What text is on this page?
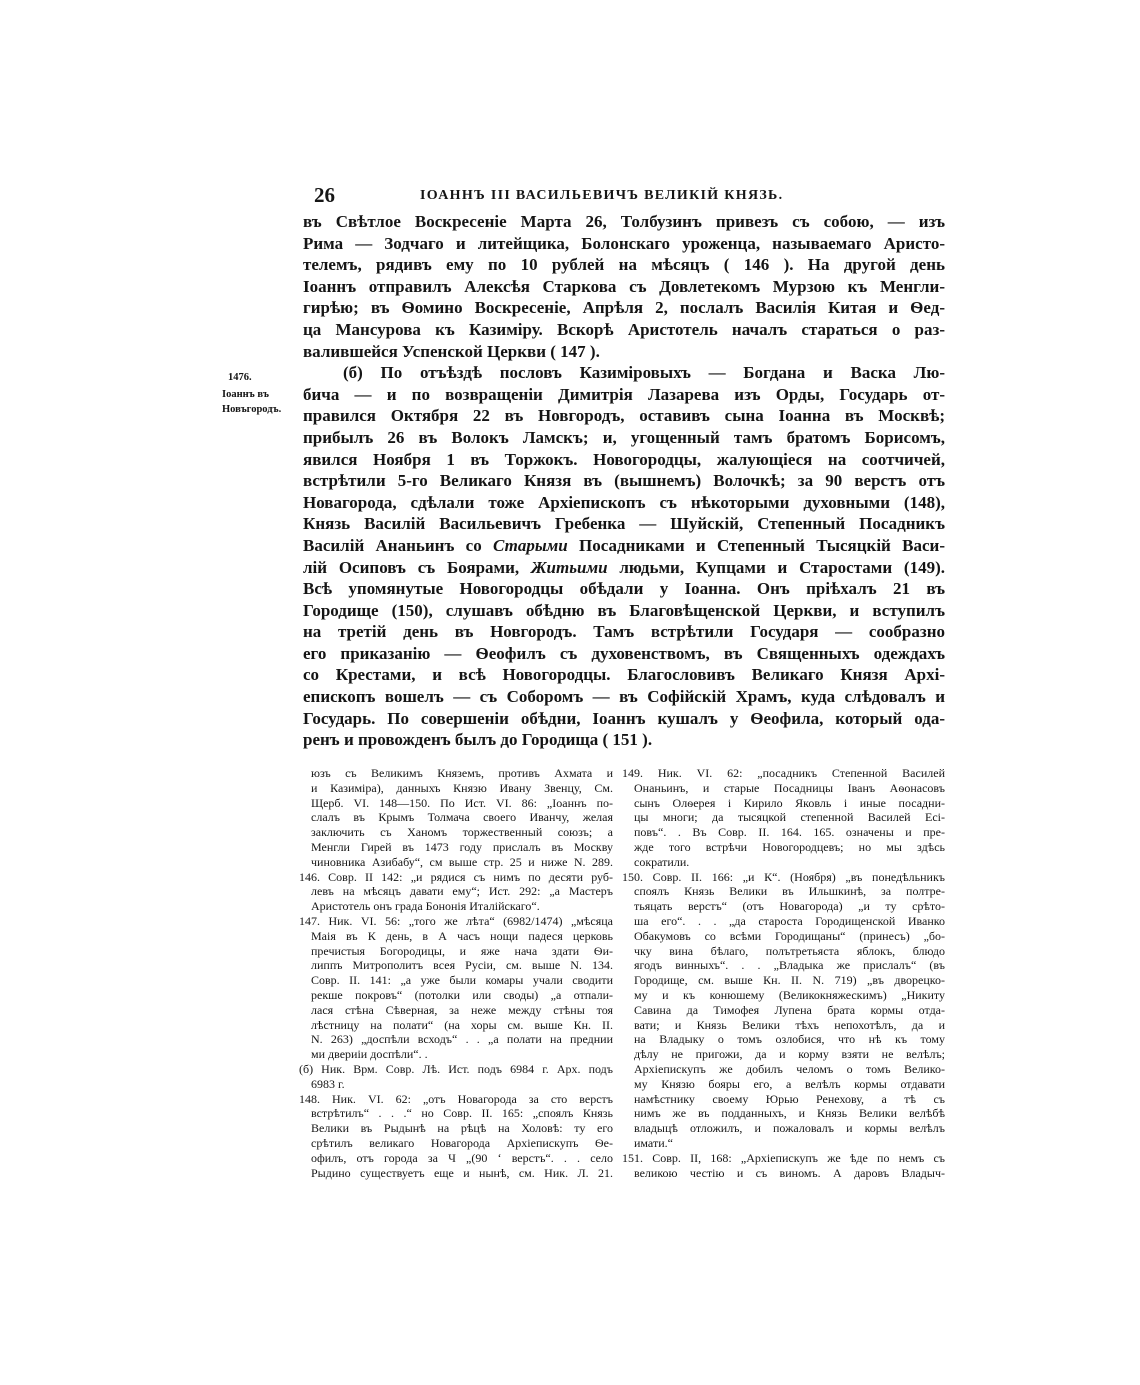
26	ІОАННЪ III ВАСИЛЬЕВИЧЪ ВЕЛИКІЙ КНЯЗЬ.
1476.
Іоаннъ въ
Новъгородъ.
въ Свѣтлое Воскресеніе Марта 26, Толбузинъ привезъ съ собою, — изъ
Рима — Зодчаго и литейщика, Болонскаго уроженца, называемаго Аристо-
телемъ, рядивъ ему по 10 рублей на мѣсяцъ ( 146 ). На другой день
Іоаннъ отправилъ Алексѣя Старкова съ Довлетекомъ Мурзою къ Менгли-
гирѣю; въ Ѳомино Воскресеніе, Апрѣля 2, послалъ Василія Китая и Ѳед-
ца Мансурова къ Казиміру. Вскорѣ Аристотель началъ стараться о раз-
валившейся Успенской Церкви ( 147 ).
(б) По отъѣздѣ пословъ Казиміровыхъ — Богдана и Васка Лю-
бича — и по возвращеніи Димитрія Лазарева изъ Орды, Государь от-
правился Октября 22 въ Новгородъ, оставивъ сына Іоанна въ Москвѣ;
прибылъ 26 въ Волокъ Ламскъ; и, угощенный тамъ братомъ Борисомъ,
явился Ноября 1 въ Торжокъ. Новогородцы, жалующіеся на соотчичей,
встрѣтили 5-го Великаго Князя въ (вышнемъ) Волочкѣ; за 90 верстъ отъ
Новагорода, сдѣлали тоже Архіепископъ съ нѣкоторыми духовными (148),
Князь Василій Васильевичъ Гребенка — Шуйскій, Степенный Посадникъ
Василій Ананьинъ со Старыми Посадниками и Степенный Тысяцкій Васи-
лій Осиповъ съ Боярами, Житьими людьми, Купцами и Старостами (149).
Всѣ упомянутые Новогородцы обѣдали у Іоанна. Онъ пріѣхалъ 21 въ
Городище (150), слушавъ обѣдню въ Благовѣщенской Церкви, и вступилъ
на третій день въ Новгородъ. Тамъ встрѣтили Государя — сообразно
его приказанію — Ѳеофилъ съ духовенствомъ, въ Священныхъ одеждахъ
со Крестами, и всѣ Новогородцы. Благословивъ Великаго Князя Архі-
епископъ вошелъ — съ Соборомъ — въ Софійскій Храмъ, куда слѣдовалъ и
Государь. По совершеніи обѣдни, Іоаннъ кушалъ у Ѳеофила, который ода-
ренъ и провожденъ былъ до Городища ( 151 ).
юзъ съ Великимъ Княземъ, противъ Ахмата и
и Казиміра), данныхъ Князю Ивану Звенцу, См.
Щерб. VI. 148—150. По Ист. VI. 86: „Іоаннъ по-
слалъ въ Крымъ Толмача своего Иванчу, желая
заключить съ Ханомъ торжественный союзъ; а
Менгли Гирей въ 1473 году прислалъ въ Москву
чиновника Азибабу“, см выше стр. 25 и ниже N. 289.
146. Совр. II 142: „и рядися съ нимъ по десяти руб-
левъ на мѣсяцъ давати ему“; Ист. 292: „а Мастеръ
Аристотель онъ града Бононія Италійскаго“.
147. Ник. VI. 56: „того же лѣта“ (6982/1474) „мѣсяца
Маія въ К день, в А часъ нощи падеся церковь
пречистыя Богородицы, и яже нача здати Ѳи-
липпъ Митрополитъ всея Русіи, см. выше N. 134.
Совр. II. 141: „а уже были комары учали сводити
рекше покровъ“ (потолки или своды) „а отпали-
лася стѣна Сѣверная, за неже между стѣны тоя
лѣстницу на полати“ (на хоры см. выше Кн. II.
N. 263) „доспѣли всходъ“ . . „а полати на преднии
ми двериіи доспѣли“. .
(б) Ник. Врм. Совр. Лѣ. Ист. подъ 6984 г. Арх. подъ
6983 г.
148. Ник. VI. 62: „отъ Новагорода за сто верстъ
встрѣтилъ“ . . .“ но Совр. II. 165: „споялъ Князь
Велики въ Рыдынѣ на рѣцѣ на Холовѣ: ту его
срѣтилъ великаго Новагорода Архіепискупъ Ѳе-
офилъ, отъ города за Ч „(90 ‘ верстъ“. . . село
Рыдино существуетъ еще и нынѣ, см. Ник. Л. 21.
149. Ник. VI. 62: „посадникъ Степенной Василей
Онаньинъ, и старые Посадницы Іванъ Аѳонасовъ
сынъ Олѳерея і Кирило Яковль і иные посадни-
цы многи; да тысяцкой степенной Василей Есі-
повъ“. . Въ Совр. II. 164. 165. означены и пре-
жде того встрѣчи Новогородцевъ; но мы здѣсь
сократили.
150. Совр. II. 166: „и К“. (Ноября) „въ понедѣльникъ
споялъ Князь Велики въ Ильшкинѣ, за полтре-
тьяцать верстъ“ (отъ Новагорода) „и ту срѣто-
ша его“. . . „да староста Городищенской Иванко
Обакумовъ со всѣми Городищаны“ (принесъ) „бо-
чку вина бѣлаго, полътретьяста яблокъ, блюдо
ягодъ винныхъ“. . . „Владыка же прислалъ“ (въ
Городище, см. выше Кн. II. N. 719) „въ дворецко-
му и къ конюшему (Великокняжескимъ) „Никиту
Савина да Тимофея Лупена брата кормы отда-
вати; и Князь Велики тѣхъ непохотѣлъ, да и
на Владыку о томъ озлобися, что нѣ къ тому
дѣлу не пригожи, да и корму взяти не велѣлъ;
Архіепискупъ же добилъ челомъ о томъ Велико-
му Князю бояры его, а велѣлъ кормы отдавати
намѣстнику своему Юрью Ренехову, а тѣ съ
нимъ же въ подданныхъ, и Князь Велики велѣбѣ
владыцѣ отложилъ, и пожаловалъ и кормы велѣлъ
имати.“
151. Совр. II, 168: „Архіепискупъ же ѣде по немъ съ
великою честію и съ виномъ. А даровъ Владыч-
